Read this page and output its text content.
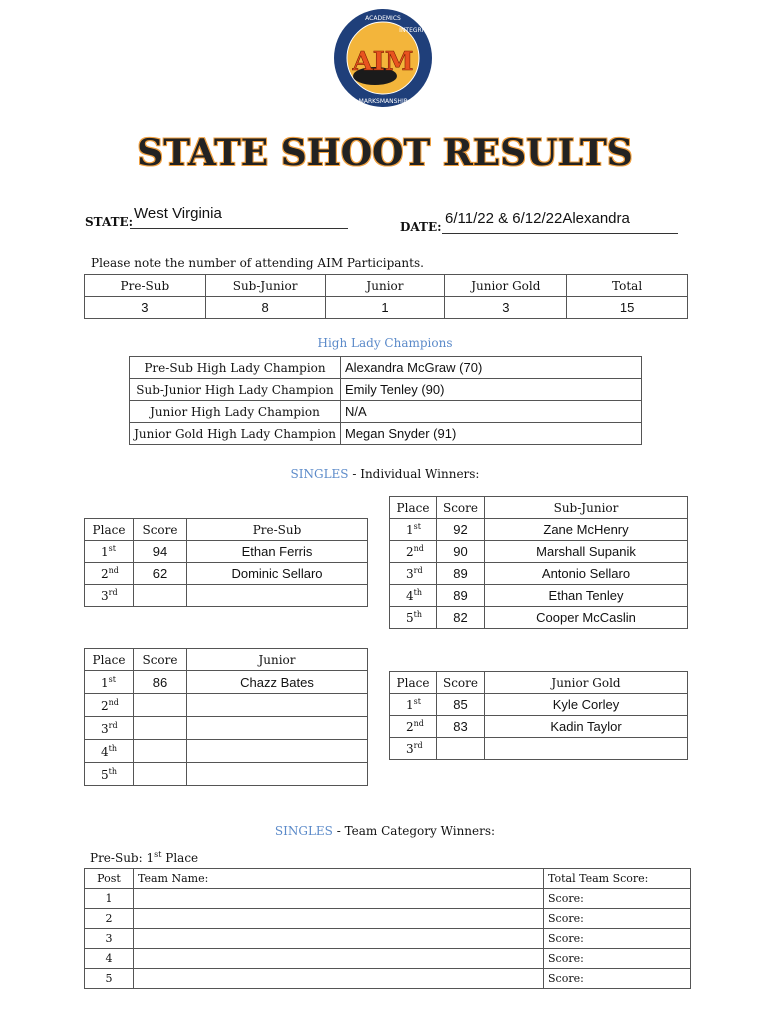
AIM
ACADEMICS
INTEGRITY
MARKSMANSHIP
STATE SHOOT RESULTS
STATE: West Virginia
DATE: 6/11/22 & 6/12/22Alexandra
Please note the number of attending AIM Participants.
Pre-Sub	Sub-Junior	Junior	Junior Gold	Total
3	8	1	3	15
High Lady Champions
Pre-Sub High Lady Champion	Alexandra McGraw (70)
Sub-Junior High Lady Champion	Emily Tenley (90)
Junior High Lady Champion	N/A
Junior Gold High Lady Champion	Megan Snyder (91)
SINGLES - Individual Winners:
Place	Score	Pre-Sub
1st	94	Ethan Ferris
2nd	62	Dominic Sellaro
3rd		
Place	Score	Sub-Junior
1st	92	Zane McHenry
2nd	90	Marshall Supanik
3rd	89	Antonio Sellaro
4th	89	Ethan Tenley
5th	82	Cooper McCaslin
Place	Score	Junior
1st	86	Chazz Bates
2nd		
3rd		
4th		
5th		
Place	Score	Junior Gold
1st	85	Kyle Corley
2nd	83	Kadin Taylor
3rd		
SINGLES - Team Category Winners:
Pre-Sub: 1st Place
Post	Team Name:	Total Team Score:
1		Score:
2		Score:
3		Score:
4		Score:
5		Score:
